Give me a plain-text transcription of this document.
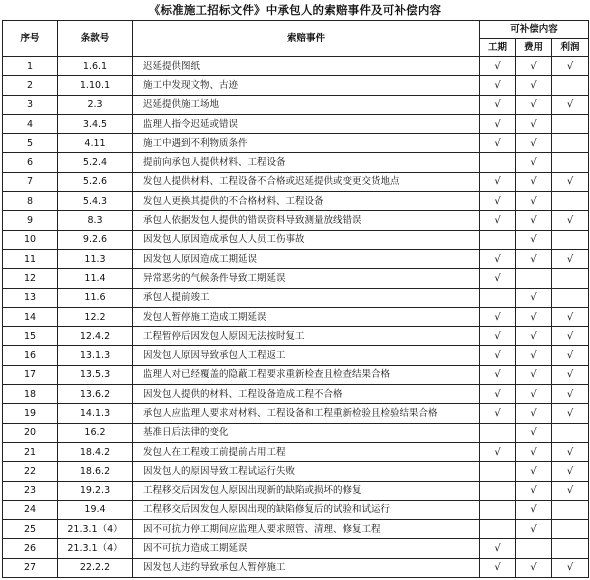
《标准施工招标文件》中承包人的索赔事件及可补偿内容
序号	条款号	索赔事件	可补偿内容		
			工期	费用	利润
1	1.6.1	迟延提供图纸	√	√	√
2	1.10.1	施工中发现文物、古迹	√	√	
3	2.3	迟延提供施工场地	√	√	√
4	3.4.5	监理人指令迟延或错误	√	√	
5	4.11	施工中遇到不利物质条件	√	√	
6	5.2.4	提前向承包人提供材料、工程设备		√	
7	5.2.6	发包人提供材料、工程设备不合格或迟延提供或变更交货地点	√	√	√
8	5.4.3	发包人更换其提供的不合格材料、工程设备	√	√	
9	8.3	承包人依据发包人提供的错误资料导致测量放线错误	√	√	√
10	9.2.6	因发包人原因造成承包人人员工伤事故		√	
11	11.3	因发包人原因造成工期延误	√	√	√
12	11.4	异常恶劣的气候条件导致工期延误	√		
13	11.6	承包人提前竣工		√	
14	12.2	发包人暂停施工造成工期延误	√	√	√
15	12.4.2	工程暂停后因发包人原因无法按时复工	√	√	√
16	13.1.3	因发包人原因导致承包人工程返工	√	√	√
17	13.5.3	监理人对已经覆盖的隐蔽工程要求重新检查且检查结果合格	√	√	√
18	13.6.2	因发包人提供的材料、工程设备造成工程不合格	√	√	√
19	14.1.3	承包人应监理人要求对材料、工程设备和工程重新检验且检验结果合格	√	√	√
20	16.2	基准日后法律的变化		√	
21	18.4.2	发包人在工程竣工前提前占用工程	√	√	√
22	18.6.2	因发包人的原因导致工程试运行失败		√	√
23	19.2.3	工程移交后因发包人原因出现新的缺陷或损坏的修复		√	√
24	19.4	工程移交后因发包人原因出现的缺陷修复后的试验和试运行		√	
25	21.3.1（4）	因不可抗力停工期间应监理人要求照管、清理、修复工程		√	
26	21.3.1（4）	因不可抗力造成工期延误	√		
27	22.2.2	因发包人违约导致承包人暂停施工	√	√	√
